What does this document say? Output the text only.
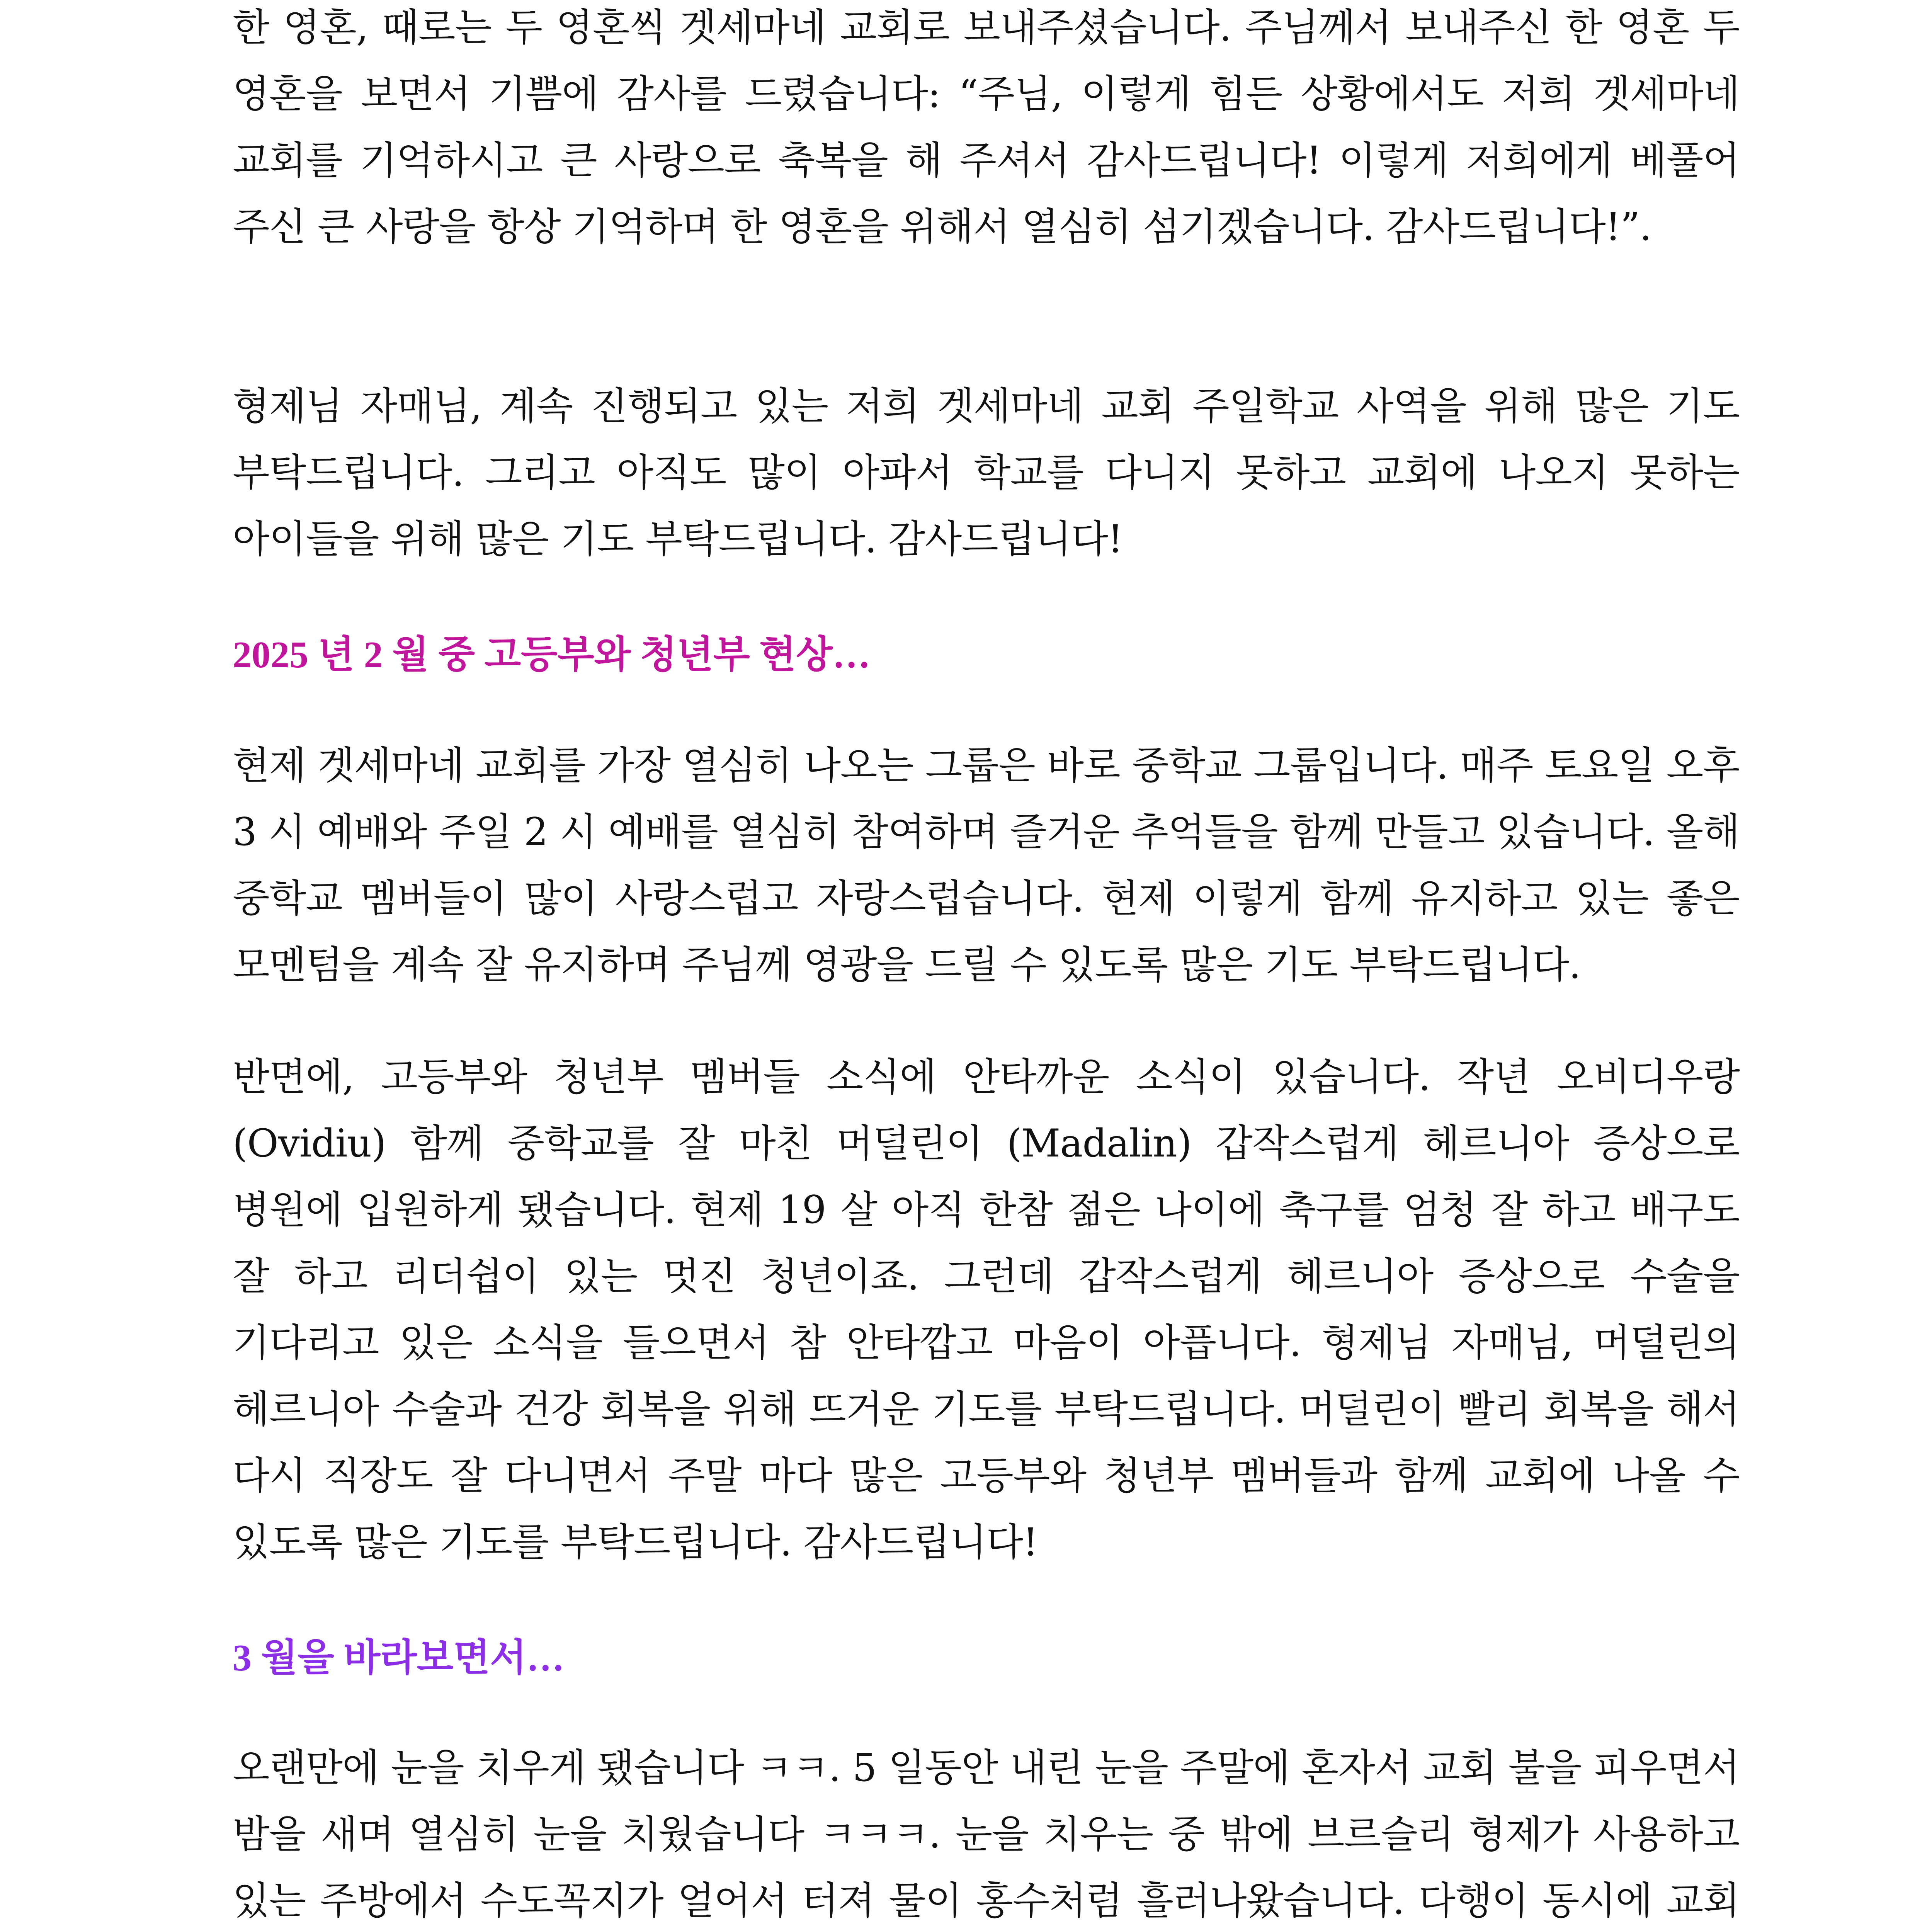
한 영혼, 때로는 두 영혼씩 겟세마네 교회로 보내주셨습니다. 주님께서 보내주신 한 영혼 두 영혼을 보면서 기쁨에 감사를 드렸습니다: “주님, 이렇게 힘든 상황에서도 저희 겟세마네 교회를 기억하시고 큰 사랑으로 축복을 해 주셔서 감사드립니다! 이렇게 저희에게 베풀어 주신 큰 사랑을 항상 기억하며 한 영혼을 위해서 열심히 섬기겠습니다. 감사드립니다!”.

형제님 자매님, 계속 진행되고 있는 저희 겟세마네 교회 주일학교 사역을 위해 많은 기도 부탁드립니다. 그리고 아직도 많이 아파서 학교를 다니지 못하고 교회에 나오지 못하는 아이들을 위해 많은 기도 부탁드립니다. 감사드립니다!

2025 년 2 월 중 고등부와 청년부 현상…

현제 겟세마네 교회를 가장 열심히 나오는 그룹은 바로 중학교 그룹입니다. 매주 토요일 오후 3 시 예배와 주일 2 시 예배를 열심히 참여하며 즐거운 추억들을 함께 만들고 있습니다. 올해 중학교 멤버들이 많이 사랑스럽고 자랑스럽습니다. 현제 이렇게 함께 유지하고 있는 좋은 모멘텀을 계속 잘 유지하며 주님께 영광을 드릴 수 있도록 많은 기도 부탁드립니다.

반면에, 고등부와 청년부 멤버들 소식에 안타까운 소식이 있습니다. 작년 오비디우랑 (Ovidiu) 함께 중학교를 잘 마친 머덜린이 (Madalin) 갑작스럽게 헤르니아 증상으로 병원에 입원하게 됐습니다. 현제 19 살 아직 한참 젊은 나이에 축구를 엄청 잘 하고 배구도 잘 하고 리더쉽이 있는 멋진 청년이죠. 그런데 갑작스럽게 헤르니아 증상으로 수술을 기다리고 있은 소식을 들으면서 참 안타깝고 마음이 아픕니다. 형제님 자매님, 머덜린의 헤르니아 수술과 건강 회복을 위해 뜨거운 기도를 부탁드립니다. 머덜린이 빨리 회복을 해서 다시 직장도 잘 다니면서 주말 마다 많은 고등부와 청년부 멤버들과 함께 교회에 나올 수 있도록 많은 기도를 부탁드립니다. 감사드립니다!

3 월을 바라보면서…

오랜만에 눈을 치우게 됐습니다 ㅋㅋ. 5 일동안 내린 눈을 주말에 혼자서 교회 불을 피우면서 밤을 새며 열심히 눈을 치웠습니다 ㅋㅋㅋ. 눈을 치우는 중 밖에 브르슬리 형제가 사용하고 있는 주방에서 수도꼭지가 얼어서 터져 물이 홍수처럼 흘러나왔습니다. 다행이 동시에 교회
